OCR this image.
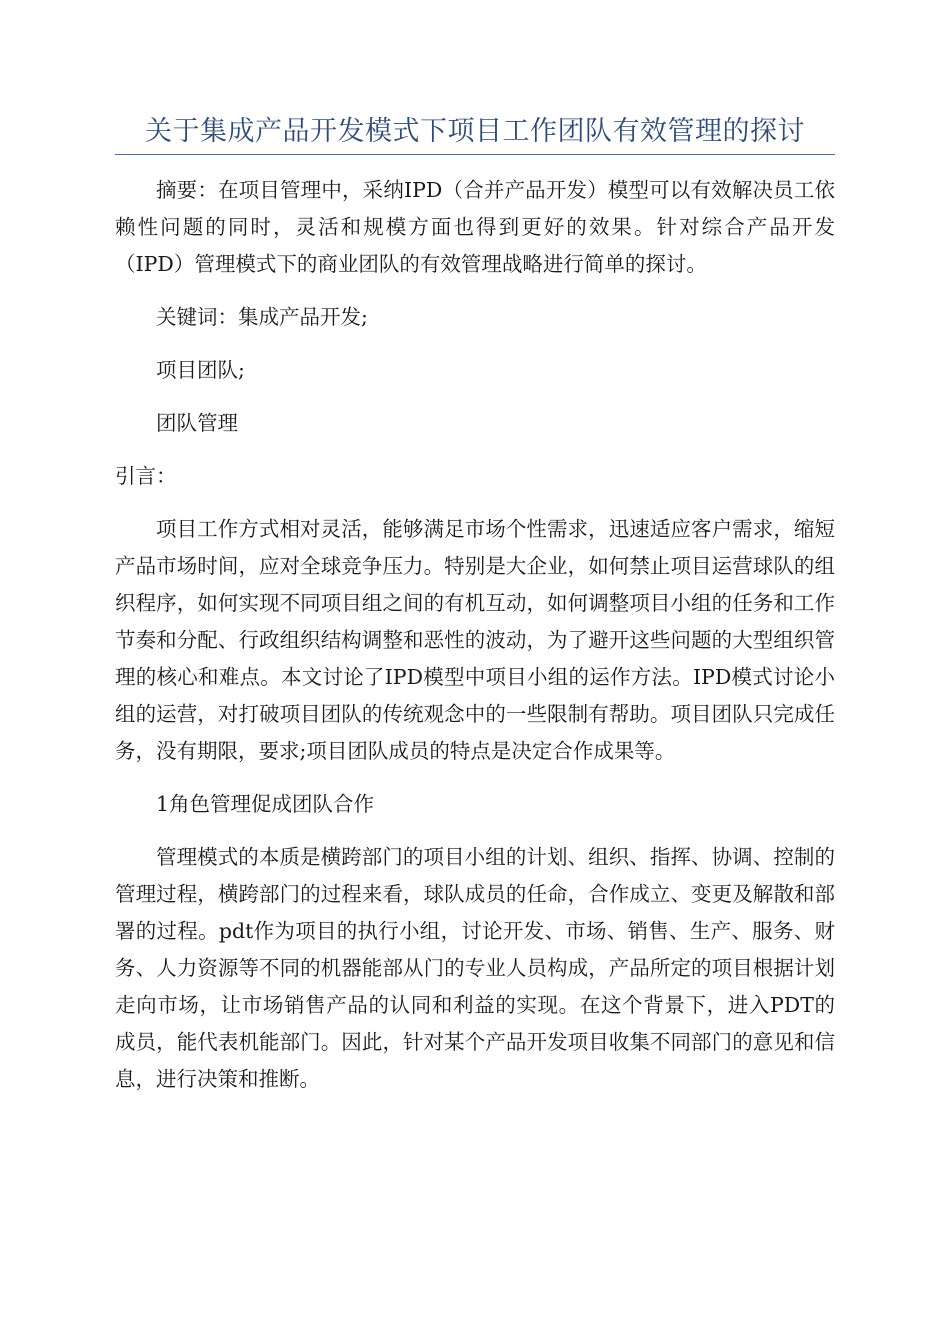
关于集成产品开发模式下项目工作团队有效管理的探讨

摘要：在项目管理中，采纳IPD（合并产品开发）模型可以有效解决员工依赖性问题的同时，灵活和规模方面也得到更好的效果。针对综合产品开发（IPD）管理模式下的商业团队的有效管理战略进行简单的探讨。

关键词：集成产品开发;

项目团队;

团队管理

引言：

项目工作方式相对灵活，能够满足市场个性需求，迅速适应客户需求，缩短产品市场时间，应对全球竞争压力。特别是大企业，如何禁止项目运营球队的组织程序，如何实现不同项目组之间的有机互动，如何调整项目小组的任务和工作节奏和分配、行政组织结构调整和恶性的波动，为了避开这些问题的大型组织管理的核心和难点。本文讨论了IPD模型中项目小组的运作方法。IPD模式讨论小组的运营，对打破项目团队的传统观念中的一些限制有帮助。项目团队只完成任务，没有期限，要求;项目团队成员的特点是决定合作成果等。

1角色管理促成团队合作

管理模式的本质是横跨部门的项目小组的计划、组织、指挥、协调、控制的管理过程，横跨部门的过程来看，球队成员的任命，合作成立、变更及解散和部署的过程。pdt作为项目的执行小组，讨论开发、市场、销售、生产、服务、财务、人力资源等不同的机器能部从门的专业人员构成，产品所定的项目根据计划走向市场，让市场销售产品的认同和利益的实现。在这个背景下，进入PDT的成员，能代表机能部门。因此，针对某个产品开发项目收集不同部门的意见和信息，进行决策和推断。
